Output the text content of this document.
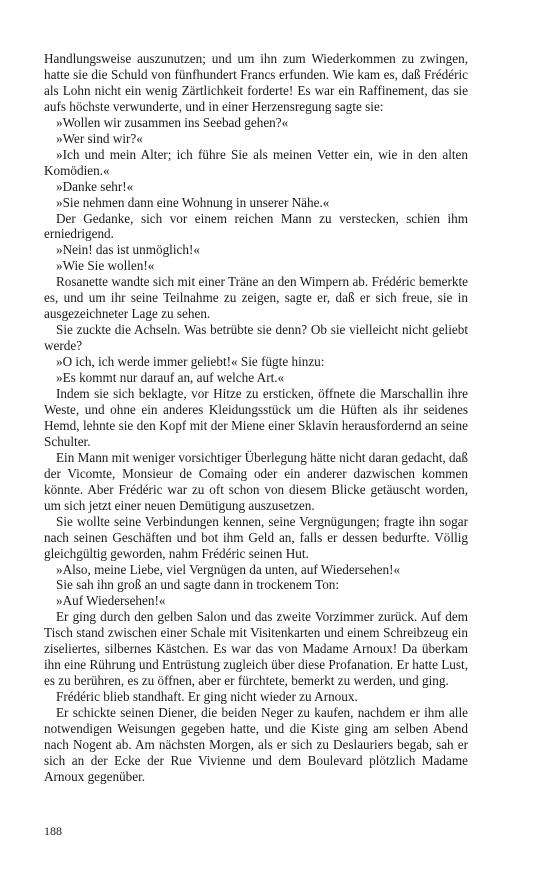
Handlungsweise auszunutzen; und um ihn zum Wiederkommen zu zwingen, hatte sie die Schuld von fünfhundert Francs erfunden. Wie kam es, daß Frédéric als Lohn nicht ein wenig Zärtlichkeit forderte! Es war ein Raffinement, das sie aufs höchste verwunderte, und in einer Herzensregung sagte sie:

»Wollen wir zusammen ins Seebad gehen?«

»Wer sind wir?«

»Ich und mein Alter; ich führe Sie als meinen Vetter ein, wie in den alten Komödien.«

»Danke sehr!«

»Sie nehmen dann eine Wohnung in unserer Nähe.«

Der Gedanke, sich vor einem reichen Mann zu verstecken, schien ihm erniedrigend.

»Nein! das ist unmöglich!«

»Wie Sie wollen!«

Rosanette wandte sich mit einer Träne an den Wimpern ab. Frédéric bemerkte es, und um ihr seine Teilnahme zu zeigen, sagte er, daß er sich freue, sie in ausgezeichneter Lage zu sehen.

Sie zuckte die Achseln. Was betrübte sie denn? Ob sie vielleicht nicht geliebt werde?

»O ich, ich werde immer geliebt!« Sie fügte hinzu:

»Es kommt nur darauf an, auf welche Art.«

Indem sie sich beklagte, vor Hitze zu ersticken, öffnete die Marschallin ihre Weste, und ohne ein anderes Kleidungsstück um die Hüften als ihr seidenes Hemd, lehnte sie den Kopf mit der Miene einer Sklavin herausfordernd an seine Schulter.

Ein Mann mit weniger vorsichtiger Überlegung hätte nicht daran gedacht, daß der Vicomte, Monsieur de Comaing oder ein anderer dazwischen kommen könnte. Aber Frédéric war zu oft schon von diesem Blicke getäuscht worden, um sich jetzt einer neuen Demütigung auszusetzen.

Sie wollte seine Verbindungen kennen, seine Vergnügungen; fragte ihn sogar nach seinen Geschäften und bot ihm Geld an, falls er dessen bedurfte. Völlig gleichgültig geworden, nahm Frédéric seinen Hut.

»Also, meine Liebe, viel Vergnügen da unten, auf Wiedersehen!«

Sie sah ihn groß an und sagte dann in trockenem Ton:

»Auf Wiedersehen!«

Er ging durch den gelben Salon und das zweite Vorzimmer zurück. Auf dem Tisch stand zwischen einer Schale mit Visitenkarten und einem Schreibzeug ein ziseliertes, silbernes Kästchen. Es war das von Madame Arnoux! Da überkam ihn eine Rührung und Entrüstung zugleich über diese Profanation. Er hatte Lust, es zu berühren, es zu öffnen, aber er fürchtete, bemerkt zu werden, und ging.

Frédéric blieb standhaft. Er ging nicht wieder zu Arnoux.

Er schickte seinen Diener, die beiden Neger zu kaufen, nachdem er ihm alle notwendigen Weisungen gegeben hatte, und die Kiste ging am selben Abend nach Nogent ab. Am nächsten Morgen, als er sich zu Deslauriers begab, sah er sich an der Ecke der Rue Vivienne und dem Boulevard plötzlich Madame Arnoux gegenüber.

188
